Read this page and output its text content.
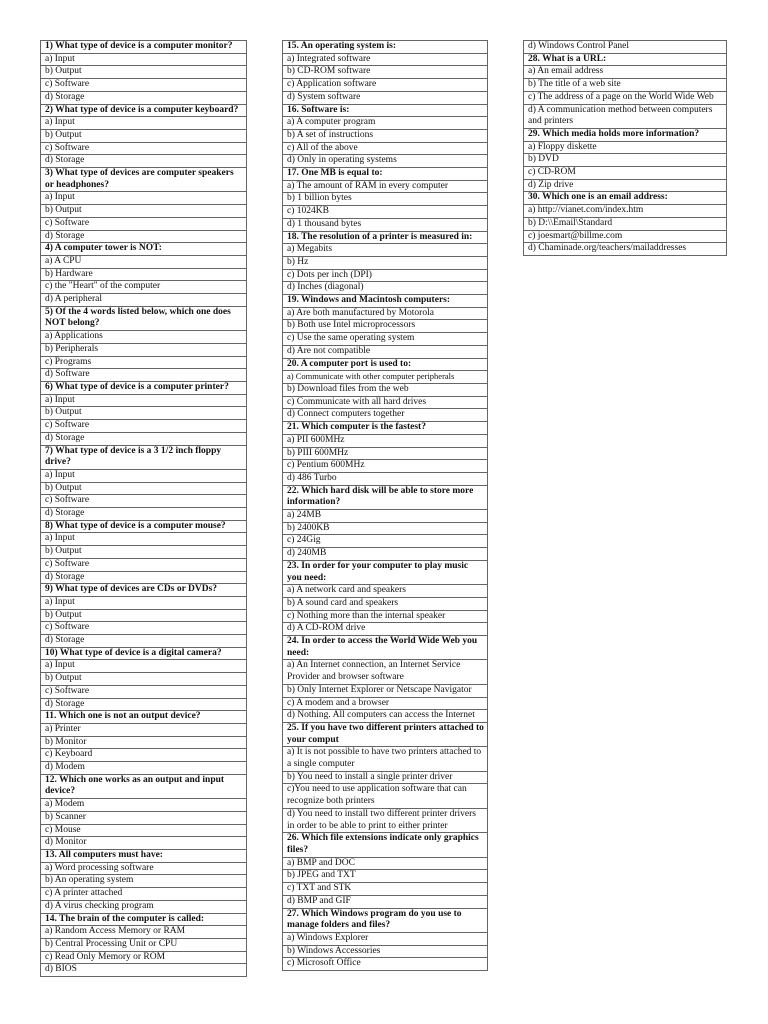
1) What type of device is a computer monitor?
a) Input
b) Output
c) Software
d) Storage
2) What type of device is a computer keyboard?
a) Input
b) Output
c) Software
d) Storage
3) What type of devices are computer speakers or headphones?
a) Input
b) Output
c) Software
d) Storage
4) A computer tower is NOT:
a) A CPU
b) Hardware
c) the "Heart" of the computer
d) A peripheral
5) Of the 4 words listed below, which one does NOT belong?
a) Applications
b) Peripherals
c) Programs
d) Software
6) What type of device is a computer printer?
a) Input
b) Output
c) Software
d) Storage
7) What type of device is a 3 1/2 inch floppy drive?
a) Input
b) Output
c) Software
d) Storage
8) What type of device is a computer mouse?
a) Input
b) Output
c) Software
d) Storage
9) What type of devices are CDs or DVDs?
a) Input
b) Output
c) Software
d) Storage
10) What type of device is a digital camera?
a) Input
b) Output
c) Software
d) Storage
11. Which one is not an output device?
a) Printer
b) Monitor
c) Keyboard
d) Modem
12. Which one works as an output and input device?
a) Modem
b) Scanner
c) Mouse
d) Monitor
13. All computers must have:
a) Word processing software
b) An operating system
c) A printer attached
d) A virus checking program
14. The brain of the computer is called:
a) Random Access Memory or RAM
b) Central Processing Unit or CPU
c) Read Only Memory or ROM
d) BIOS
15. An operating system is:
a) Integrated software
b) CD-ROM software
c) Application software
d) System software
16. Software is:
a) A computer program
b) A set of instructions
c) All of the above
d) Only in operating systems
17. One MB is equal to:
a) The amount of RAM in every computer
b) 1 billion bytes
c) 1024KB
d) 1 thousand bytes
18. The resolution of a printer is measured in:
a) Megabits
b) Hz
c) Dots per inch (DPI)
d) Inches (diagonal)
19. Windows and Macintosh computers:
a) Are both manufactured by Motorola
b) Both use Intel microprocessors
c) Use the same operating system
d) Are not compatible
20. A computer port is used to:
a) Communicate with other computer peripherals
b) Download files from the web
c) Communicate with all hard drives
d) Connect computers together
21. Which computer is the fastest?
a) PII 600MHz
b) PIII 600MHz
c) Pentium 600MHz
d) 486 Turbo
22. Which hard disk will be able to store more information?
a) 24MB
b) 2400KB
c) 24Gig
d) 240MB
23. In order for your computer to play music you need:
a) A network card and speakers
b) A sound card and speakers
c) Nothing more than the internal speaker
d) A CD-ROM drive
24. In order to access the World Wide Web you need:
a) An Internet connection, an Internet Service Provider and browser software
b) Only Internet Explorer or Netscape Navigator
c) A modem and a browser
d) Nothing. All computers can access the Internet
25. If you have two different printers attached to your comput
a) It is not possible to have two printers attached to a single computer
b) You need to install a single printer driver
c)You need to use application software that can recognize both printers
d) You need to install two different printer drivers in order to be able to print to either printer
26. Which file extensions indicate only graphics files?
a) BMP and DOC
b) JPEG and TXT
c) TXT and STK
d) BMP and GIF
27. Which Windows program do you use to manage folders and files?
a) Windows Explorer
b) Windows Accessories
c) Microsoft Office
d) Windows Control Panel
28. What is a URL:
a) An email address
b) The title of a web site
c) The address of a page on the World Wide Web
d) A communication method between computers and printers
29. Which media holds more information?
a) Floppy diskette
b) DVD
c) CD-ROM
d) Zip drive
30. Which one is an email address:
a) http://vianet.com/index.htm
b) D:\\Email\Standard
c) joesmart@billme.com
d) Chaminade.org/teachers/mailaddresses
